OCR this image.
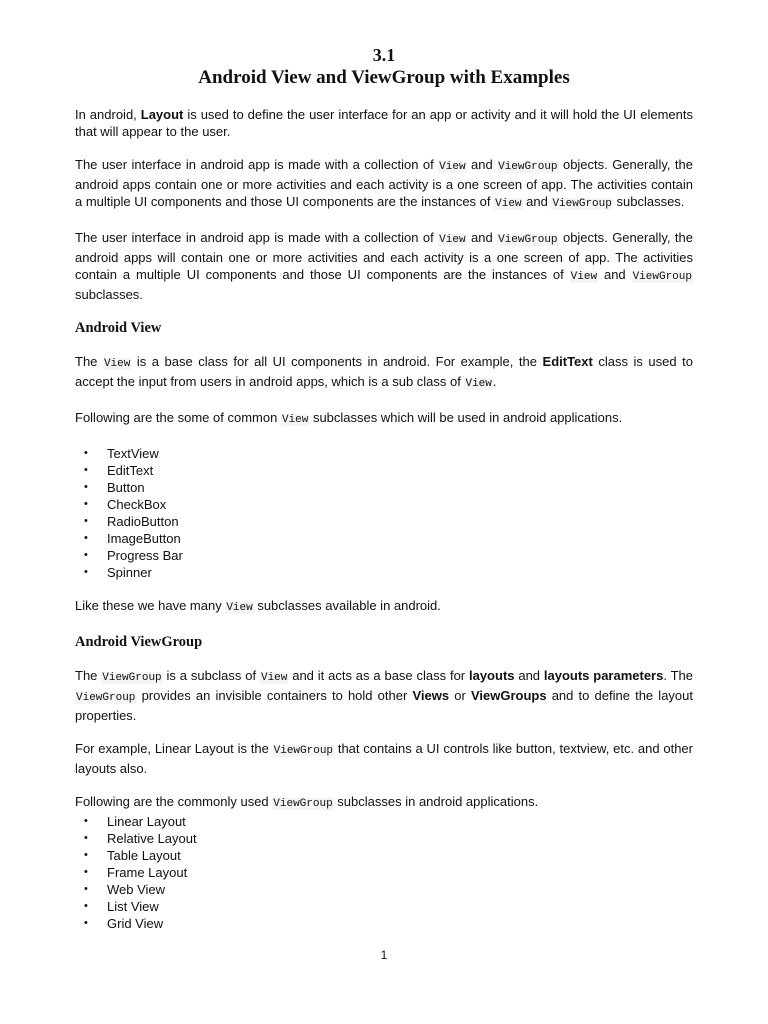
3.1
Android View and ViewGroup with Examples

In android, Layout is used to define the user interface for an app or activity and it will hold the UI elements that will appear to the user.

The user interface in android app is made with a collection of View and ViewGroup objects. Generally, the android apps contain one or more activities and each activity is a one screen of app. The activities contain a multiple UI components and those UI components are the instances of View and ViewGroup subclasses.

The user interface in android app is made with a collection of View and ViewGroup objects. Generally, the android apps will contain one or more activities and each activity is a one screen of app. The activities contain a multiple UI components and those UI components are the instances of View and ViewGroup subclasses.

Android View

The View is a base class for all UI components in android. For example, the EditText class is used to accept the input from users in android apps, which is a sub class of View.

Following are the some of common View subclasses which will be used in android applications.

• TextView
• EditText
• Button
• CheckBox
• RadioButton
• ImageButton
• Progress Bar
• Spinner

Like these we have many View subclasses available in android.

Android ViewGroup

The ViewGroup is a subclass of View and it acts as a base class for layouts and layouts parameters. The ViewGroup provides an invisible containers to hold other Views or ViewGroups and to define the layout properties.

For example, Linear Layout is the ViewGroup that contains a UI controls like button, textview, etc. and other layouts also.

Following are the commonly used ViewGroup subclasses in android applications.

• Linear Layout
• Relative Layout
• Table Layout
• Frame Layout
• Web View
• List View
• Grid View
1
